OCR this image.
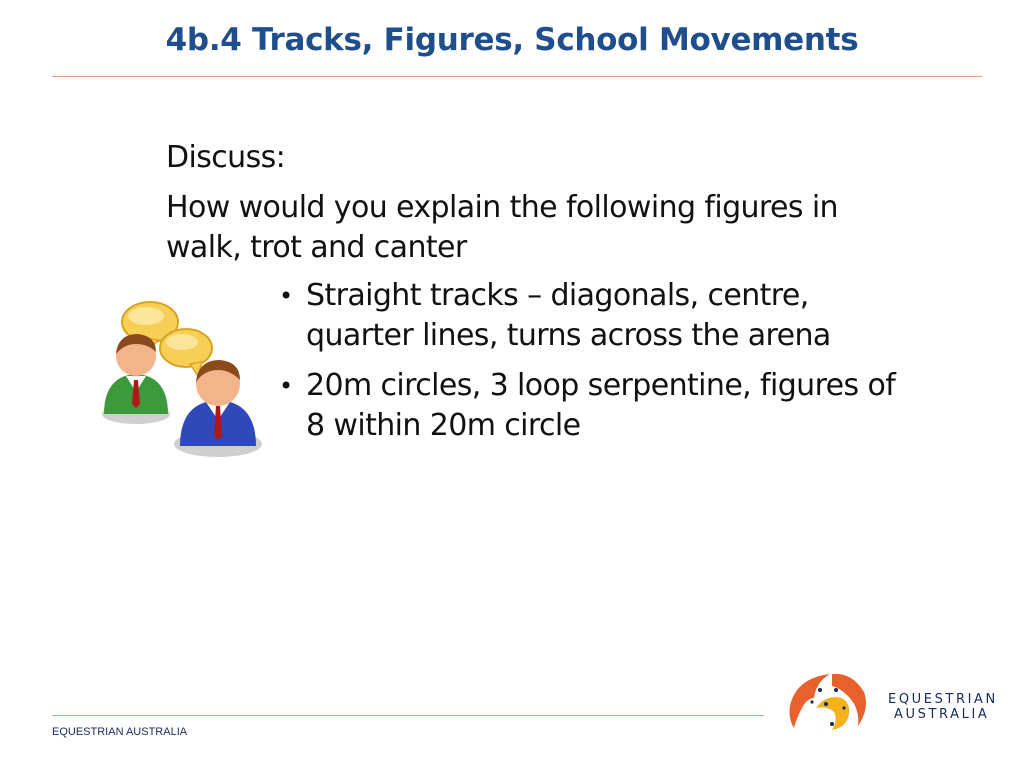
4b.4 Tracks, Figures, School Movements

Discuss:

How would you explain the following figures in walk, trot and canter

• Straight tracks – diagonals, centre, quarter lines, turns across the arena
• 20m circles, 3 loop serpentine, figures of 8 within 20m circle
EQUESTRIAN AUSTRALIA
EQUESTRIAN
AUSTRALIA
